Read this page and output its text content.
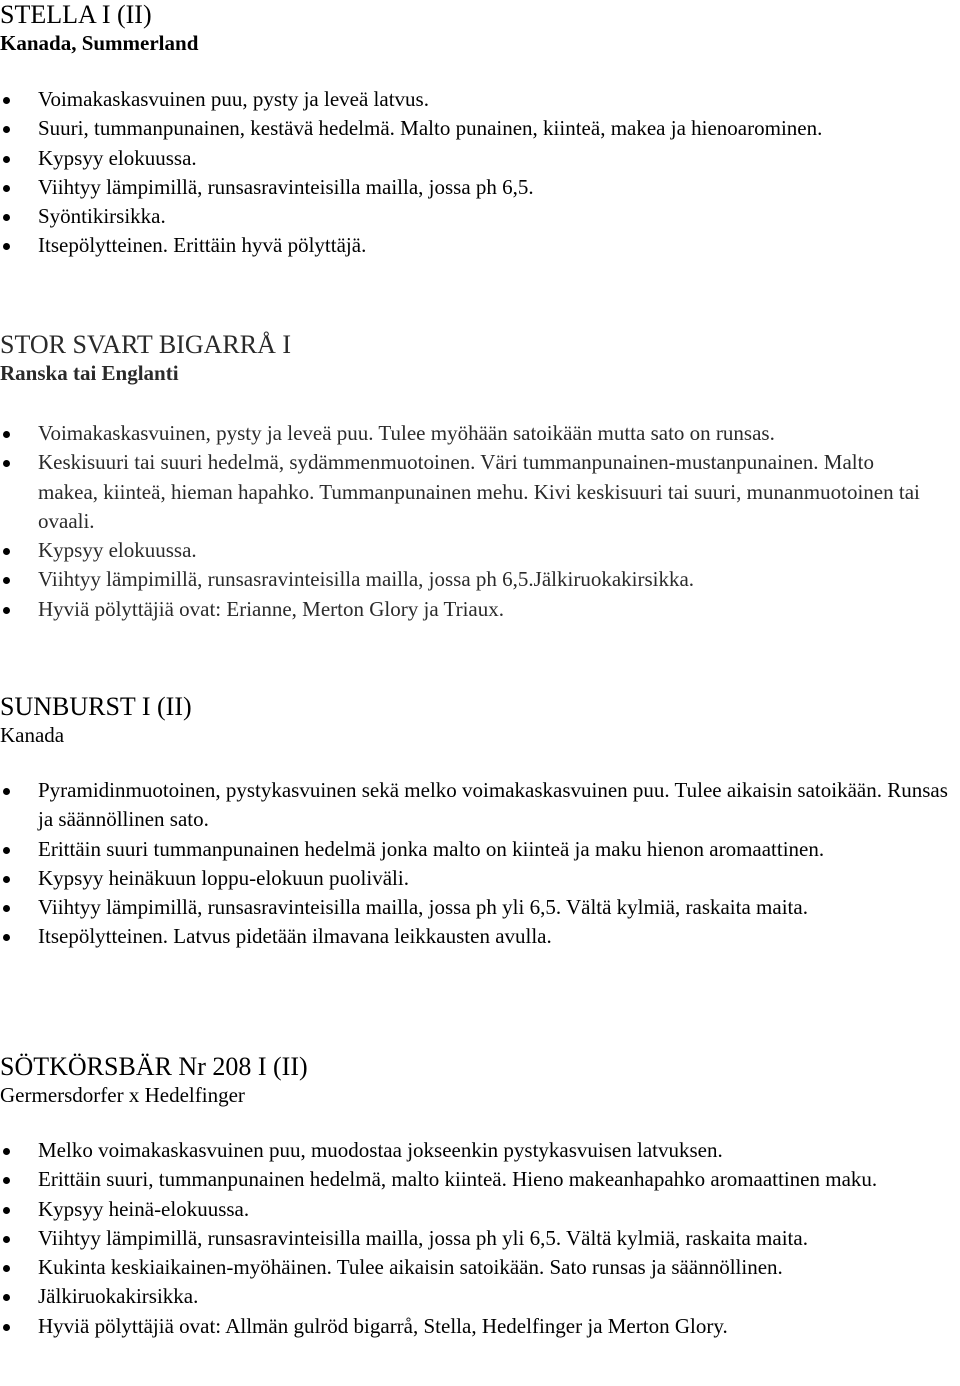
STELLA I (II)
Kanada, Summerland
Voimakaskasvuinen puu, pysty ja leveä latvus.
Suuri, tummanpunainen, kestävä hedelmä. Malto punainen, kiinteä, makea ja hienoarominen.
Kypsyy elokuussa.
Viihtyy lämpimillä, runsasravinteisilla mailla, jossa ph 6,5.
Syöntikirsikka.
Itsepölytteinen. Erittäin hyvä pölyttäjä.
STOR SVART BIGARRÅ I
Ranska tai Englanti
Voimakaskasvuinen, pysty ja leveä puu. Tulee myöhään satoikään mutta sato on runsas.
Keskisuuri tai suuri hedelmä, sydämmenmuotoinen. Väri tummanpunainen-mustanpunainen. Malto makea, kiinteä, hieman hapahko. Tummanpunainen mehu. Kivi keskisuuri tai suuri, munanmuotoinen tai ovaali.
Kypsyy elokuussa.
Viihtyy lämpimillä, runsasravinteisilla mailla, jossa ph 6,5.Jälkiruokakirsikka.
Hyviä pölyttäjiä ovat: Erianne, Merton Glory ja Triaux.
SUNBURST I (II)
Kanada
Pyramidinmuotoinen, pystykasvuinen sekä melko voimakaskasvuinen puu. Tulee aikaisin satoikään. Runsas ja säännöllinen sato.
Erittäin suuri tummanpunainen hedelmä jonka malto on kiinteä ja maku hienon aromaattinen.
Kypsyy heinäkuun loppu-elokuun puoliväli.
Viihtyy lämpimillä, runsasravinteisilla mailla, jossa ph yli 6,5. Vältä kylmiä, raskaita maita.
Itsepölytteinen. Latvus pidetään ilmavana leikkausten avulla.
SÖTKÖRSBÄR Nr 208 I (II)
Germersdorfer x Hedelfinger
Melko voimakaskasvuinen puu, muodostaa jokseenkin pystykasvuisen latvuksen.
Erittäin suuri, tummanpunainen hedelmä, malto kiinteä. Hieno makeanhapahko aromaattinen maku.
Kypsyy heinä-elokuussa.
Viihtyy lämpimillä, runsasravinteisilla mailla, jossa ph yli 6,5. Vältä kylmiä, raskaita maita.
Kukinta keskiaikainen-myöhäinen. Tulee aikaisin satoikään. Sato runsas ja säännöllinen.
Jälkiruokakirsikka.
Hyviä pölyttäjiä ovat: Allmän gulröd bigarrå, Stella, Hedelfinger ja Merton Glory.
